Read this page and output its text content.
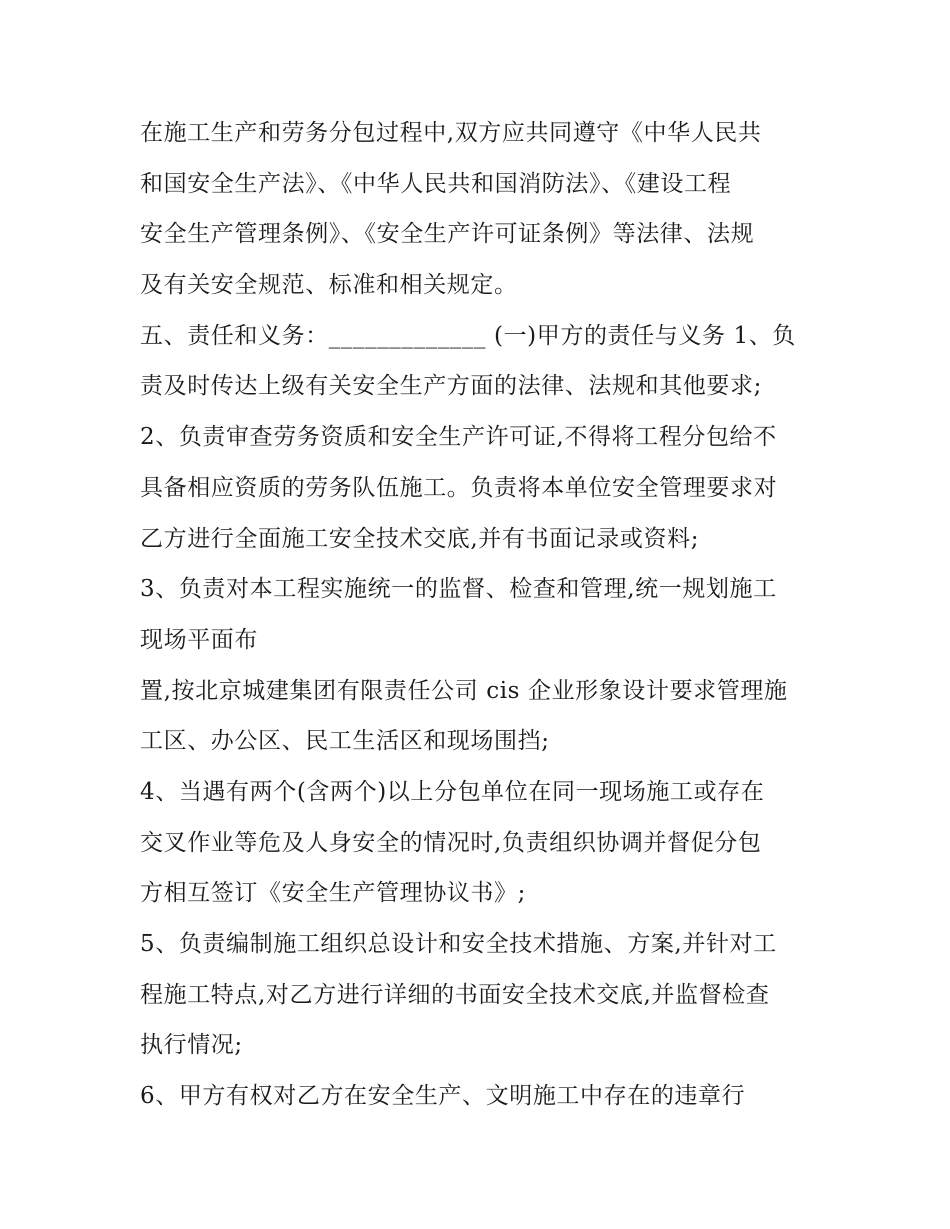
在施工生产和劳务分包过程中,双方应共同遵守《中华人民共
和国安全生产法》、《中华人民共和国消防法》、《建设工程
安全生产管理条例》、《安全生产许可证条例》等法律、法规
及有关安全规范、标准和相关规定。
五、责任和义务：_____________ (一)甲方的责任与义务 1、负
责及时传达上级有关安全生产方面的法律、法规和其他要求;
2、负责审查劳务资质和安全生产许可证,不得将工程分包给不
具备相应资质的劳务队伍施工。负责将本单位安全管理要求对
乙方进行全面施工安全技术交底,并有书面记录或资料;
3、负责对本工程实施统一的监督、检查和管理,统一规划施工
现场平面布
置,按北京城建集团有限责任公司 cis 企业形象设计要求管理施
工区、办公区、民工生活区和现场围挡;
4、当遇有两个(含两个)以上分包单位在同一现场施工或存在
交叉作业等危及人身安全的情况时,负责组织协调并督促分包
方相互签订《安全生产管理协议书》;
5、负责编制施工组织总设计和安全技术措施、方案,并针对工
程施工特点,对乙方进行详细的书面安全技术交底,并监督检查
执行情况;
6、甲方有权对乙方在安全生产、文明施工中存在的违章行
